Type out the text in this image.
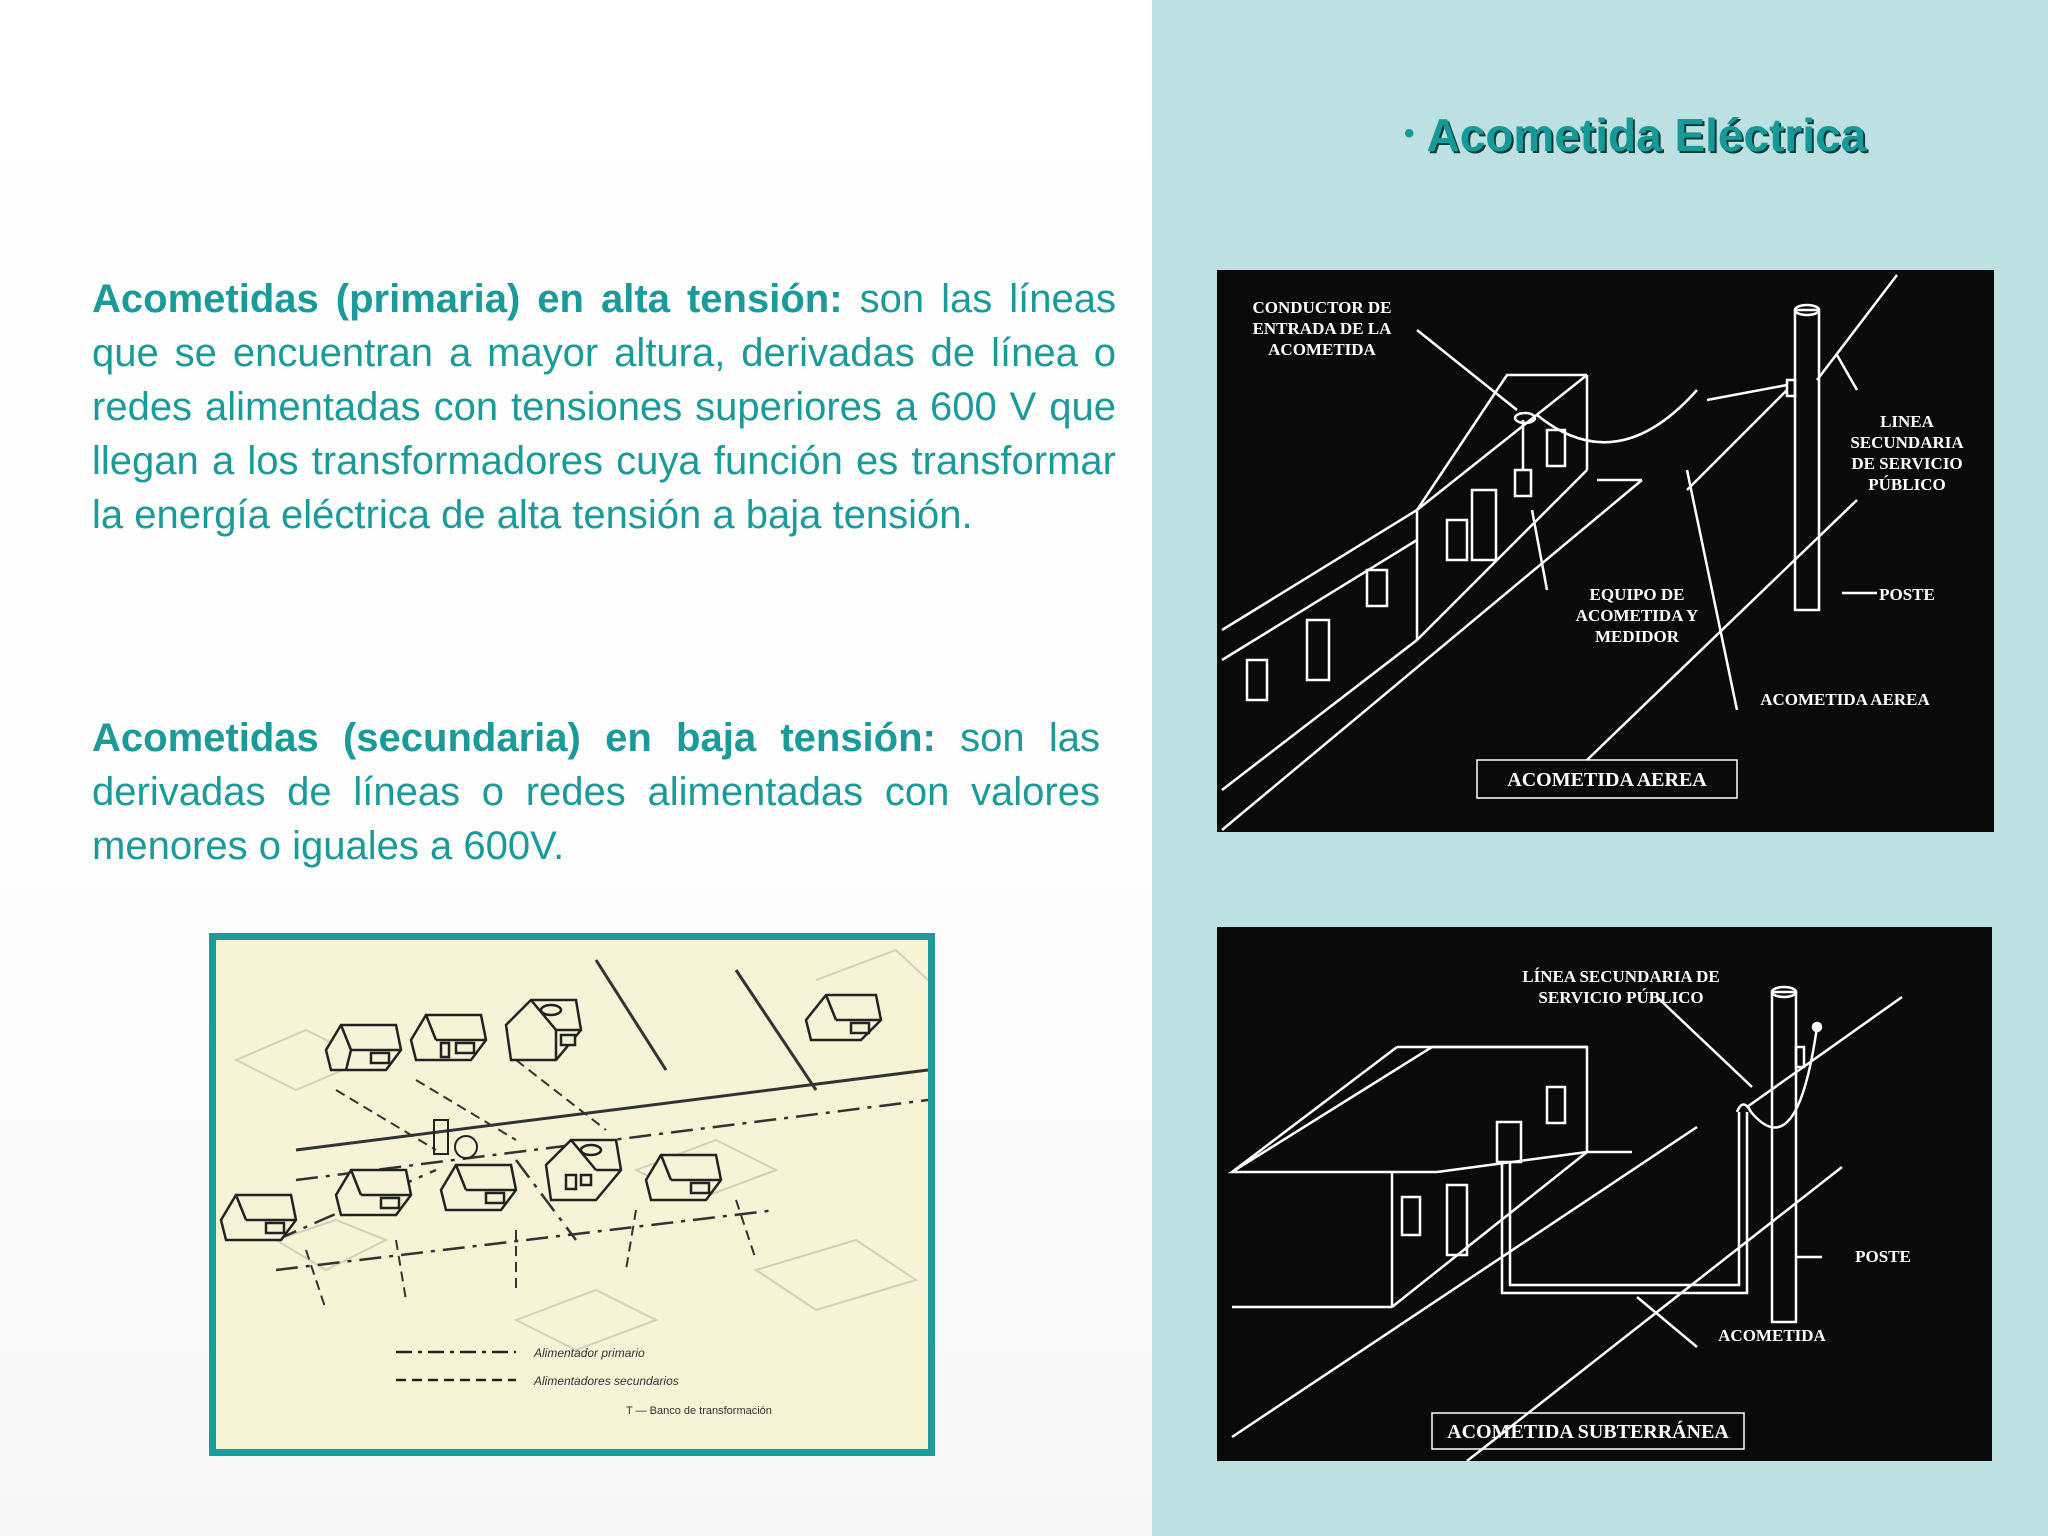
• Acometida Eléctrica
Acometidas (primaria) en alta tensión: son las líneas que se encuentran a mayor altura, derivadas de línea o redes alimentadas con tensiones superiores a 600 V que llegan a los transformadores cuya función es transformar la energía eléctrica de alta tensión a baja tensión.
Acometidas (secundaria) en baja tensión: son las derivadas de líneas o redes alimentadas con valores menores o iguales a 600V.
Alimentador primario
Alimentadores secundarios
T — Banco de transformación
CONDUCTOR DE
ENTRADA DE LA
ACOMETIDA
LINEA
SECUNDARIA
DE SERVICIO
PÚBLICO
EQUIPO DE
ACOMETIDA Y
MEDIDOR
POSTE
ACOMETIDA AEREA
ACOMETIDA AEREA
LÍNEA SECUNDARIA DE
SERVICIO PÚBLICO
POSTE
ACOMETIDA
ACOMETIDA SUBTERRÁNEA
